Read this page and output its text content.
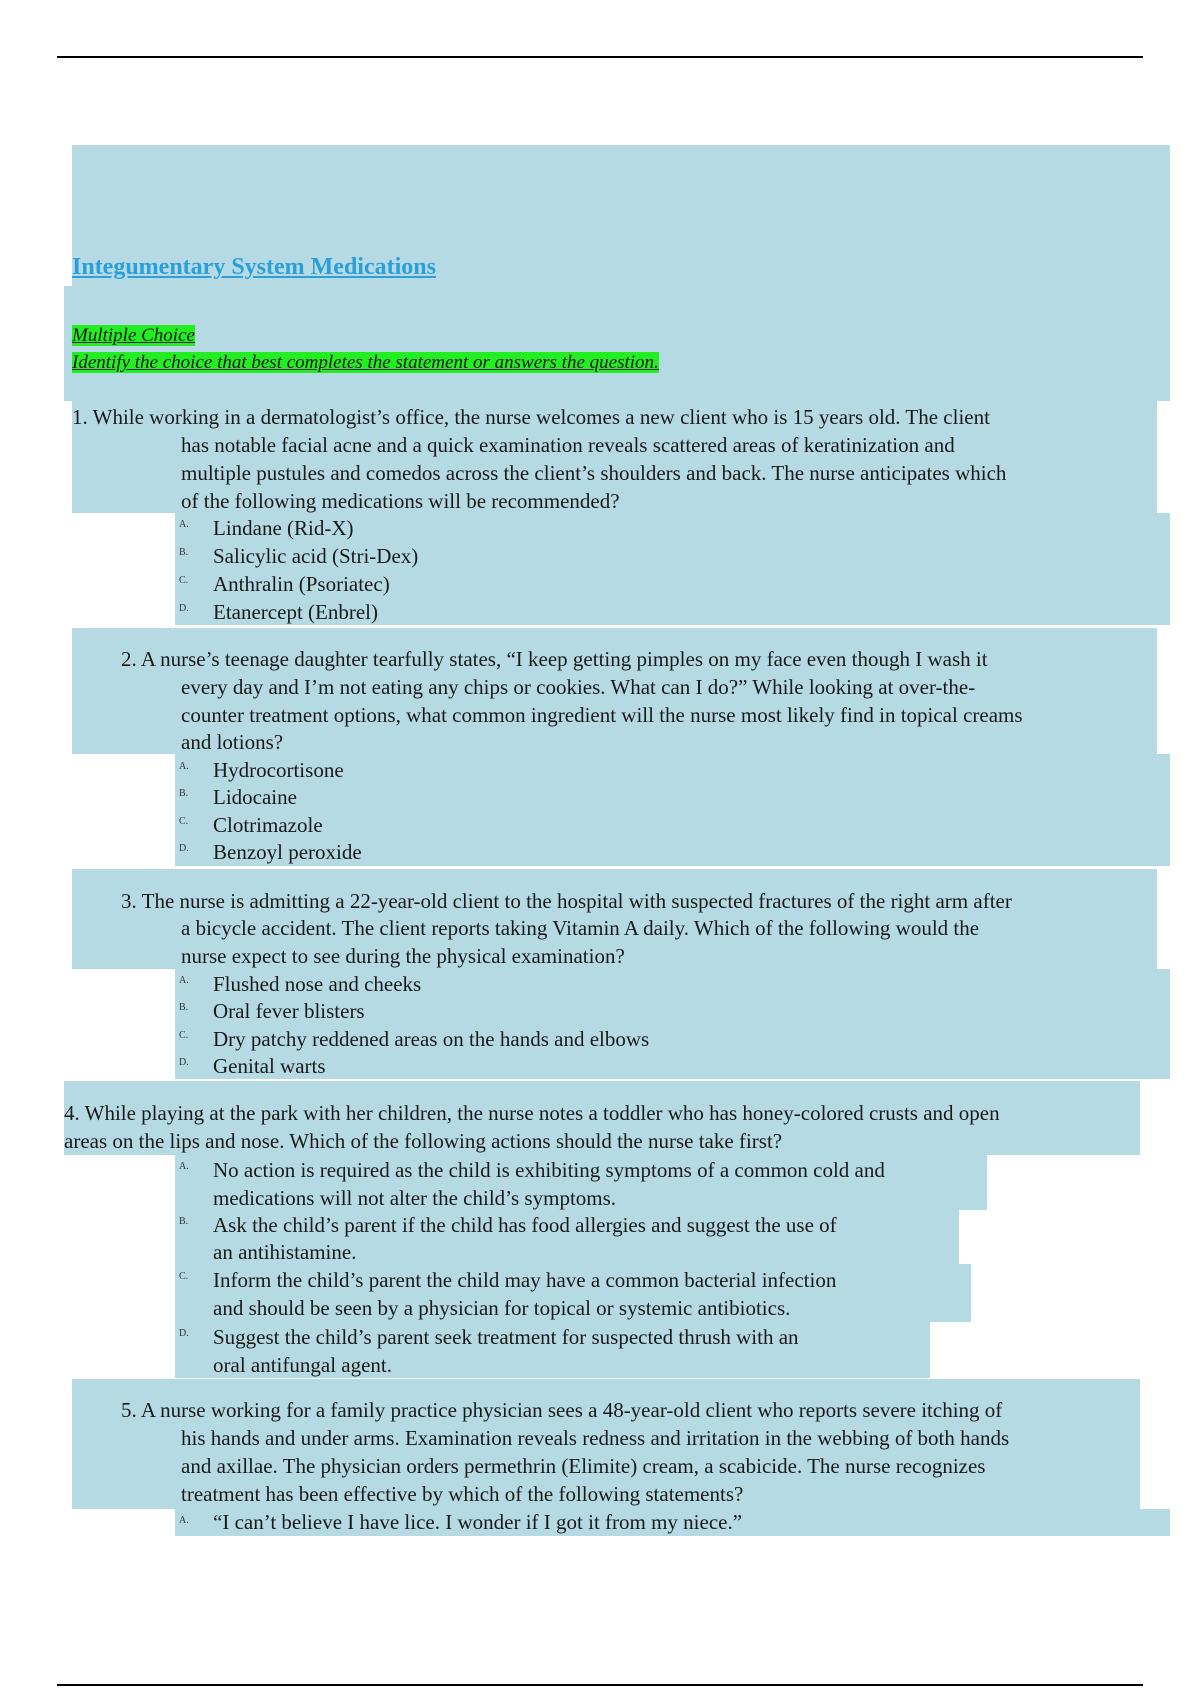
Integumentary System Medications
Multiple Choice
Identify the choice that best completes the statement or answers the question.
1. While working in a dermatologist’s office, the nurse welcomes a new client who is 15 years old. The client
has notable facial acne and a quick examination reveals scattered areas of keratinization and
multiple pustules and comedos across the client’s shoulders and back. The nurse anticipates which
of the following medications will be recommended?
A. Lindane (Rid-X)
B. Salicylic acid (Stri-Dex)
C. Anthralin (Psoriatec)
D. Etanercept (Enbrel)
2. A nurse’s teenage daughter tearfully states, “I keep getting pimples on my face even though I wash it
every day and I’m not eating any chips or cookies. What can I do?” While looking at over-the-
counter treatment options, what common ingredient will the nurse most likely find in topical creams
and lotions?
A. Hydrocortisone
B. Lidocaine
C. Clotrimazole
D. Benzoyl peroxide
3. The nurse is admitting a 22-year-old client to the hospital with suspected fractures of the right arm after
a bicycle accident. The client reports taking Vitamin A daily. Which of the following would the
nurse expect to see during the physical examination?
A. Flushed nose and cheeks
B. Oral fever blisters
C. Dry patchy reddened areas on the hands and elbows
D. Genital warts
4. While playing at the park with her children, the nurse notes a toddler who has honey-colored crusts and open
areas on the lips and nose. Which of the following actions should the nurse take first?
A. No action is required as the child is exhibiting symptoms of a common cold and
medications will not alter the child’s symptoms.
B. Ask the child’s parent if the child has food allergies and suggest the use of
an antihistamine.
C. Inform the child’s parent the child may have a common bacterial infection
and should be seen by a physician for topical or systemic antibiotics.
D. Suggest the child’s parent seek treatment for suspected thrush with an
oral antifungal agent.
5. A nurse working for a family practice physician sees a 48-year-old client who reports severe itching of
his hands and under arms. Examination reveals redness and irritation in the webbing of both hands
and axillae. The physician orders permethrin (Elimite) cream, a scabicide. The nurse recognizes
treatment has been effective by which of the following statements?
A. “I can’t believe I have lice. I wonder if I got it from my niece.”
